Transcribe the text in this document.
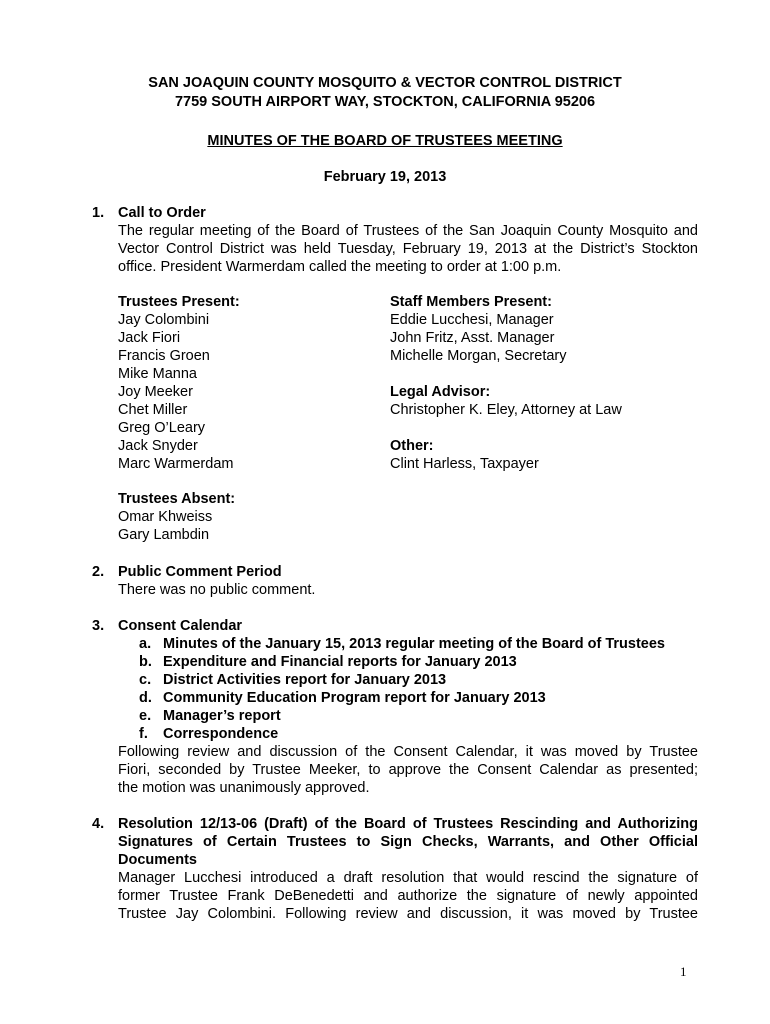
SAN JOAQUIN COUNTY MOSQUITO & VECTOR CONTROL DISTRICT
7759 SOUTH AIRPORT WAY, STOCKTON, CALIFORNIA 95206
MINUTES OF THE BOARD OF TRUSTEES MEETING
February 19, 2013
1. Call to Order
The regular meeting of the Board of Trustees of the San Joaquin County Mosquito and
Vector Control District was held Tuesday, February 19, 2013 at the District’s Stockton
office. President Warmerdam called the meeting to order at 1:00 p.m.
Trustees Present:
Jay Colombini
Jack Fiori
Francis Groen
Mike Manna
Joy Meeker
Chet Miller
Greg O’Leary
Jack Snyder
Marc Warmerdam
Staff Members Present:
Eddie Lucchesi, Manager
John Fritz, Asst. Manager
Michelle Morgan, Secretary
Legal Advisor:
Christopher K. Eley, Attorney at Law
Other:
Clint Harless, Taxpayer
Trustees Absent:
Omar Khweiss
Gary Lambdin
2. Public Comment Period
There was no public comment.
3. Consent Calendar
a. Minutes of the January 15, 2013 regular meeting of the Board of Trustees
b. Expenditure and Financial reports for January 2013
c. District Activities report for January 2013
d. Community Education Program report for January 2013
e. Manager’s report
f. Correspondence
Following review and discussion of the Consent Calendar, it was moved by Trustee
Fiori, seconded by Trustee Meeker, to approve the Consent Calendar as presented;
the motion was unanimously approved.
4. Resolution 12/13-06 (Draft) of the Board of Trustees Rescinding and Authorizing
Signatures of Certain Trustees to Sign Checks, Warrants, and Other Official
Documents
Manager Lucchesi introduced a draft resolution that would rescind the signature of
former Trustee Frank DeBenedetti and authorize the signature of newly appointed
Trustee Jay Colombini. Following review and discussion, it was moved by Trustee
1
